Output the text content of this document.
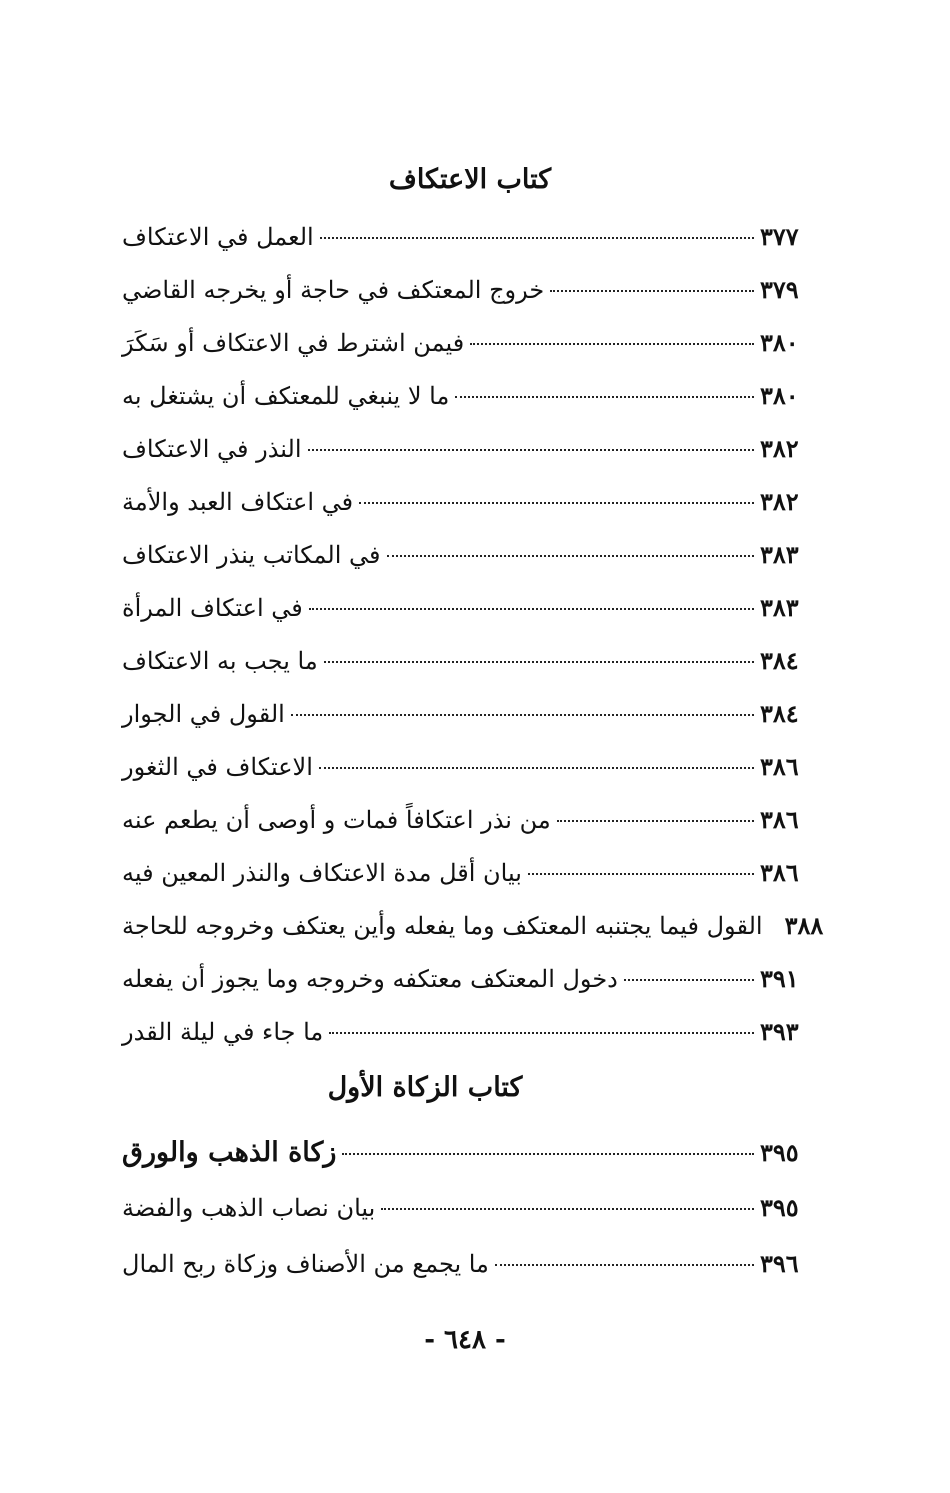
كتاب الاعتكاف
العمل في الاعتكاف	٣٧٧
خروج المعتكف في حاجة أو يخرجه القاضي	٣٧٩
فيمن اشترط في الاعتكاف أو سَكَرَ	٣٨٠
ما لا ينبغي للمعتكف أن يشتغل به	٣٨٠
النذر في الاعتكاف	٣٨٢
في اعتكاف العبد والأمة	٣٨٢
في المكاتب ينذر الاعتكاف	٣٨٣
في اعتكاف المرأة	٣٨٣
ما يجب به الاعتكاف	٣٨٤
القول في الجوار	٣٨٤
الاعتكاف في الثغور	٣٨٦
من نذر اعتكافاً فمات و أوصى أن يطعم عنه	٣٨٦
بيان أقل مدة الاعتكاف والنذر المعين فيه	٣٨٦
القول فيما يجتنبه المعتكف وما يفعله وأين يعتكف وخروجه للحاجة ٣٨٨
دخول المعتكف معتكفه وخروجه وما يجوز أن يفعله	٣٩١
ما جاء في ليلة القدر	٣٩٣
كتاب الزكاة الأول
زكاة الذهب والورق	٣٩٥
بيان نصاب الذهب والفضة	٣٩٥
ما يجمع من الأصناف وزكاة ربح المال	٣٩٦
- ٦٤٨ -
